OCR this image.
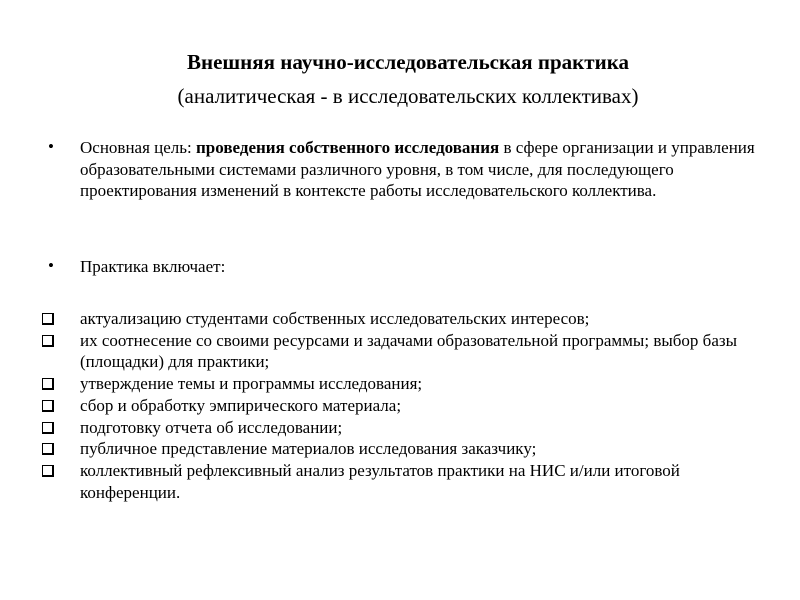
Внешняя научно-исследовательская практика
(аналитическая - в исследовательских коллективах)
• Основная цель: проведения собственного исследования в сфере организации и управления образовательными системами различного уровня, в том числе, для последующего проектирования изменений в контексте работы исследовательского коллектива.
• Практика включает:
актуализацию студентами собственных исследовательских интересов;
их соотнесение со своими ресурсами и задачами образовательной программы; выбор базы (площадки) для практики;
утверждение темы и программы исследования;
сбор и обработку эмпирического материала;
подготовку отчета об исследовании;
публичное представление материалов исследования заказчику;
коллективный рефлексивный анализ результатов практики на НИС и/или итоговой конференции.
